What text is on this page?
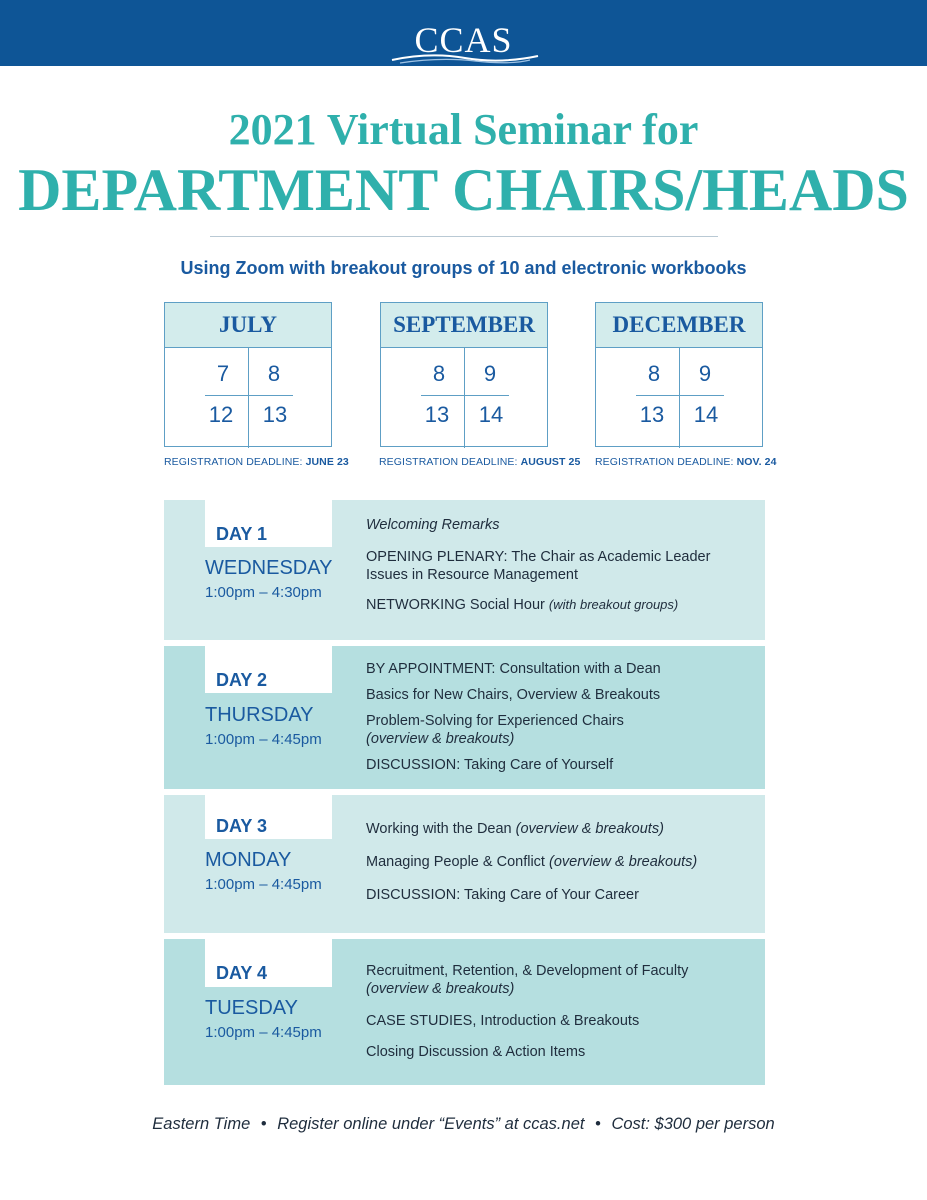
CCAS
2021 Virtual Seminar for
DEPARTMENT CHAIRS/HEADS
Using Zoom with breakout groups of 10 and electronic workbooks
JULY
7	8
12	13
SEPTEMBER
8	9
13	14
DECEMBER
8	9
13	14
REGISTRATION DEADLINE: JUNE 23	REGISTRATION DEADLINE: AUGUST 25 REGISTRATION DEADLINE: NOV. 24
DAY 1
WEDNESDAY
1:00pm – 4:30pm
Welcoming Remarks
OPENING PLENARY: The Chair as Academic Leader
Issues in Resource Management
NETWORKING Social Hour (with breakout groups)
DAY 2
THURSDAY
1:00pm – 4:45pm
BY APPOINTMENT: Consultation with a Dean
Basics for New Chairs, Overview & Breakouts
Problem-Solving for Experienced Chairs
(overview & breakouts)
DISCUSSION: Taking Care of Yourself
DAY 3
MONDAY
1:00pm – 4:45pm
Working with the Dean (overview & breakouts)
Managing People & Conflict (overview & breakouts)
DISCUSSION: Taking Care of Your Career
DAY 4
TUESDAY
1:00pm – 4:45pm
Recruitment, Retention, & Development of Faculty
(overview & breakouts)
CASE STUDIES, Introduction & Breakouts
Closing Discussion & Action Items
Eastern Time • Register online under “Events” at ccas.net • Cost: $300 per person
